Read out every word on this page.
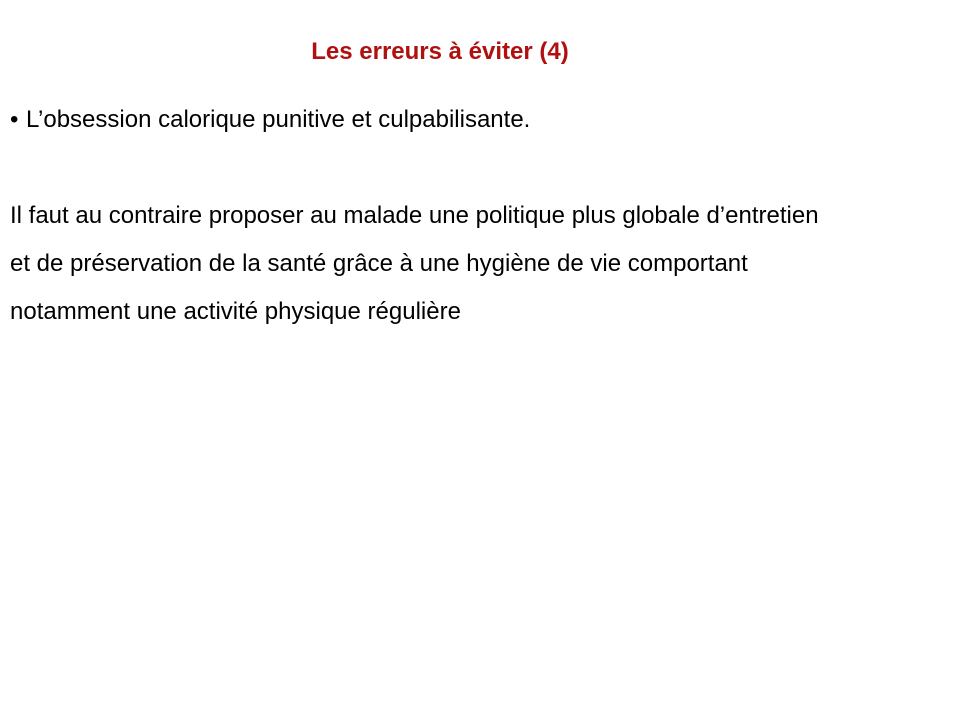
Les erreurs à éviter (4)
• L’obsession calorique punitive et culpabilisante.
Il faut au contraire proposer au malade une politique plus globale d’entretien
et de préservation de la santé grâce à une hygiène de vie comportant
notamment une activité physique régulière
